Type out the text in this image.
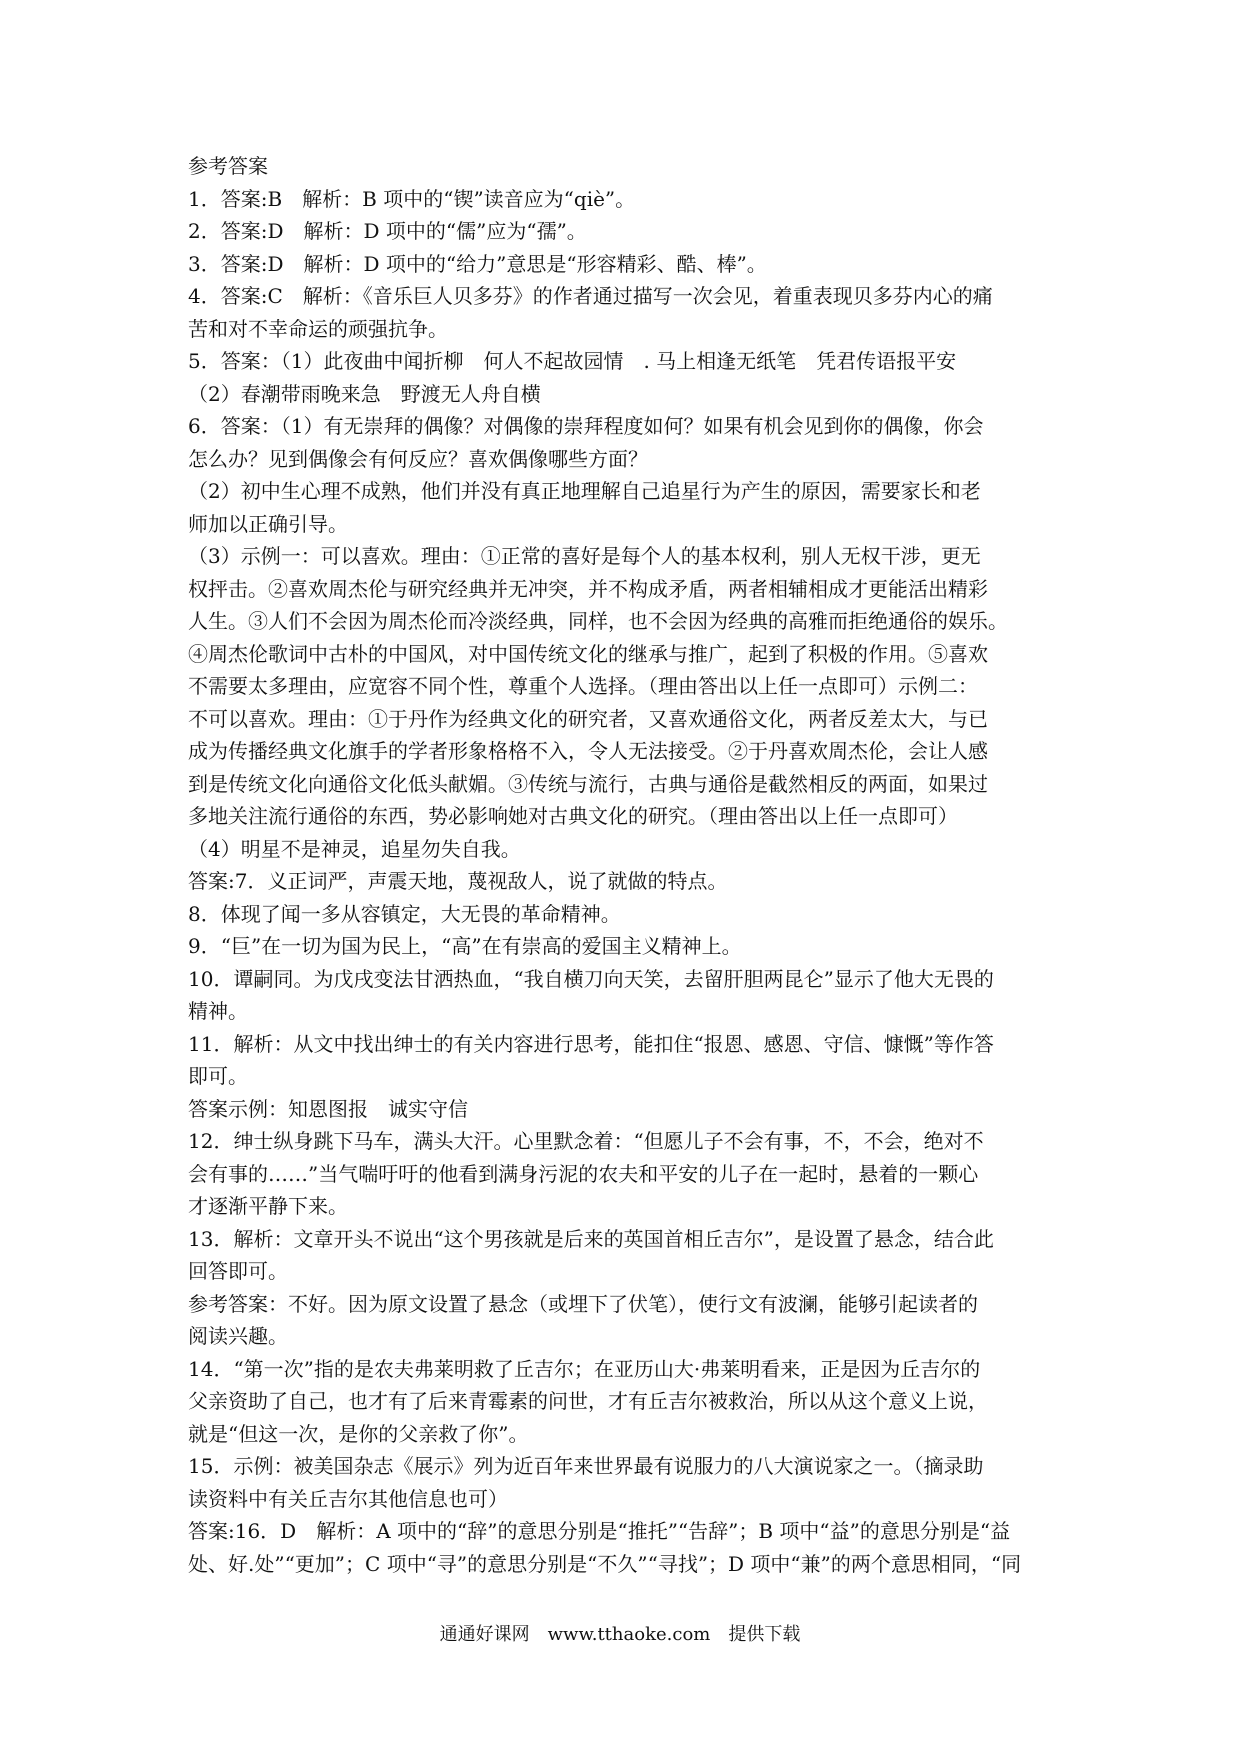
参考答案
1．答案:B　解析：B 项中的“锲”读音应为“qiè”。
2．答案:D　解析：D 项中的“儒”应为“孺”。
3．答案:D　解析：D 项中的“给力”意思是“形容精彩、酷、棒”。
4．答案:C　解析：《音乐巨人贝多芬》的作者通过描写一次会见，着重表现贝多芬内心的痛
苦和对不幸命运的顽强抗争。
5．答案：（1）此夜曲中闻折柳　何人不起故园情　. 马上相逢无纸笔　凭君传语报平安
（2）春潮带雨晚来急　野渡无人舟自横
6．答案：（1）有无崇拜的偶像？对偶像的崇拜程度如何？如果有机会见到你的偶像，你会
怎么办？见到偶像会有何反应？喜欢偶像哪些方面？
（2）初中生心理不成熟，他们并没有真正地理解自己追星行为产生的原因，需要家长和老
师加以正确引导。
（3）示例一：可以喜欢。理由：①正常的喜好是每个人的基本权利，别人无权干涉，更无
权抨击。②喜欢周杰伦与研究经典并无冲突，并不构成矛盾，两者相辅相成才更能活出精彩
人生。③人们不会因为周杰伦而冷淡经典，同样，也不会因为经典的高雅而拒绝通俗的娱乐。
④周杰伦歌词中古朴的中国风，对中国传统文化的继承与推广，起到了积极的作用。⑤喜欢
不需要太多理由，应宽容不同个性，尊重个人选择。（理由答出以上任一点即可）示例二：
不可以喜欢。理由：①于丹作为经典文化的研究者，又喜欢通俗文化，两者反差太大，与已
成为传播经典文化旗手的学者形象格格不入，令人无法接受。②于丹喜欢周杰伦，会让人感
到是传统文化向通俗文化低头献媚。③传统与流行，古典与通俗是截然相反的两面，如果过
多地关注流行通俗的东西，势必影响她对古典文化的研究。（理由答出以上任一点即可）
（4）明星不是神灵，追星勿失自我。
答案:7．义正词严，声震天地，蔑视敌人，说了就做的特点。
8．体现了闻一多从容镇定，大无畏的革命精神。
9．“巨”在一切为国为民上，“高”在有崇高的爱国主义精神上。
10．谭嗣同。为戊戌变法甘洒热血，“我自横刀向天笑，去留肝胆两昆仑”显示了他大无畏的
精神。
11．解析：从文中找出绅士的有关内容进行思考，能扣住“报恩、感恩、守信、慷慨”等作答
即可。
答案示例：知恩图报　诚实守信
12．绅士纵身跳下马车，满头大汗。心里默念着：“但愿儿子不会有事，不，不会，绝对不
会有事的……”当气喘吁吁的他看到满身污泥的农夫和平安的儿子在一起时，悬着的一颗心
才逐渐平静下来。
13．解析：文章开头不说出“这个男孩就是后来的英国首相丘吉尔”，是设置了悬念，结合此
回答即可。
参考答案：不好。因为原文设置了悬念（或埋下了伏笔），使行文有波澜，能够引起读者的
阅读兴趣。
14．“第一次”指的是农夫弗莱明救了丘吉尔；在亚历山大·弗莱明看来，正是因为丘吉尔的
父亲资助了自己，也才有了后来青霉素的问世，才有丘吉尔被救治，所以从这个意义上说，
就是“但这一次，是你的父亲救了你”。
15．示例：被美国杂志《展示》列为近百年来世界最有说服力的八大演说家之一。（摘录助
读资料中有关丘吉尔其他信息也可）
答案:16．D　解析：A 项中的“辞”的意思分别是“推托”“告辞”；B 项中“益”的意思分别是“益
处、好.处”“更加”；C 项中“寻”的意思分别是“不久”“寻找”；D 项中“兼”的两个意思相同，“同
通通好课网　www.tthaoke.com　提供下载
